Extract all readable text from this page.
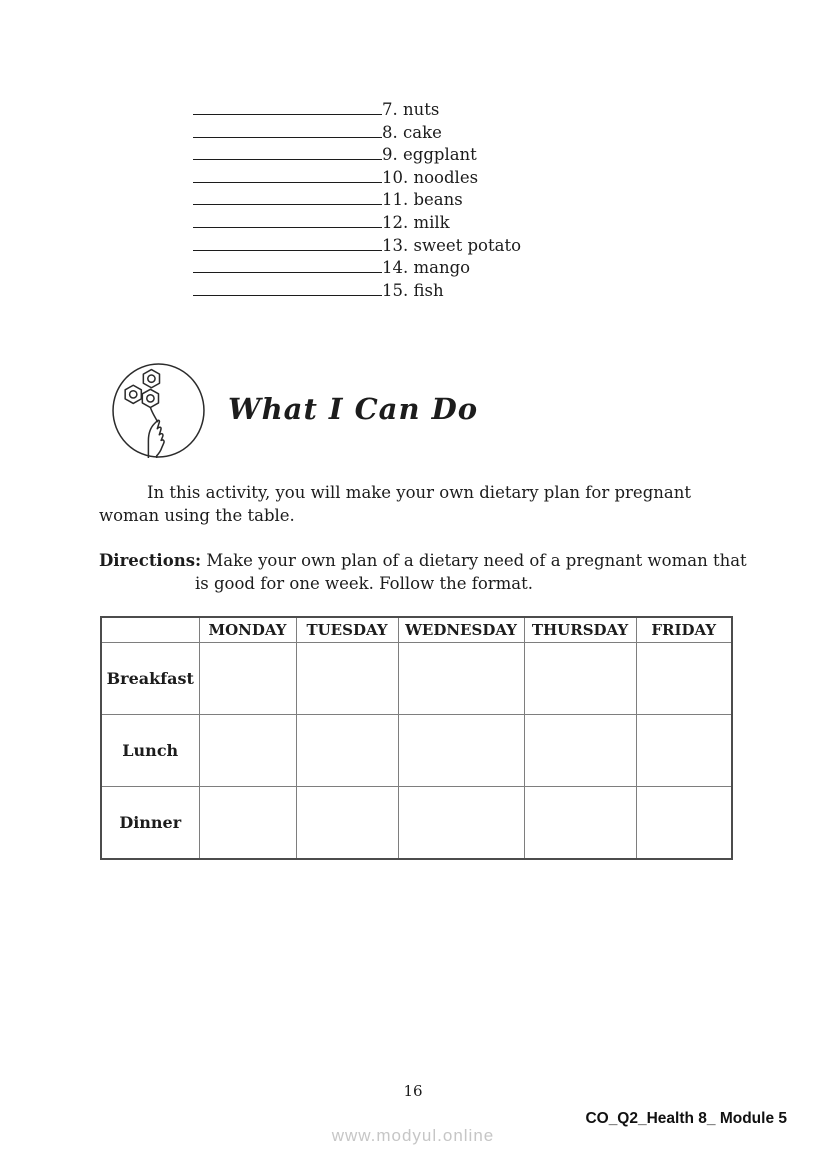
7. nuts
8. cake
9. eggplant
10. noodles
11. beans
12. milk
13. sweet potato
14. mango
15. fish
What I Can Do
In this activity, you will make your own dietary plan for pregnant
woman using the table.
Directions: Make your own plan of a dietary need of a pregnant woman that
is good for one week. Follow the format.
	MONDAY	TUESDAY	WEDNESDAY	THURSDAY	FRIDAY
Breakfast					
Lunch					
Dinner					
16
CO_Q2_Health 8_ Module 5
www.modyul.online
